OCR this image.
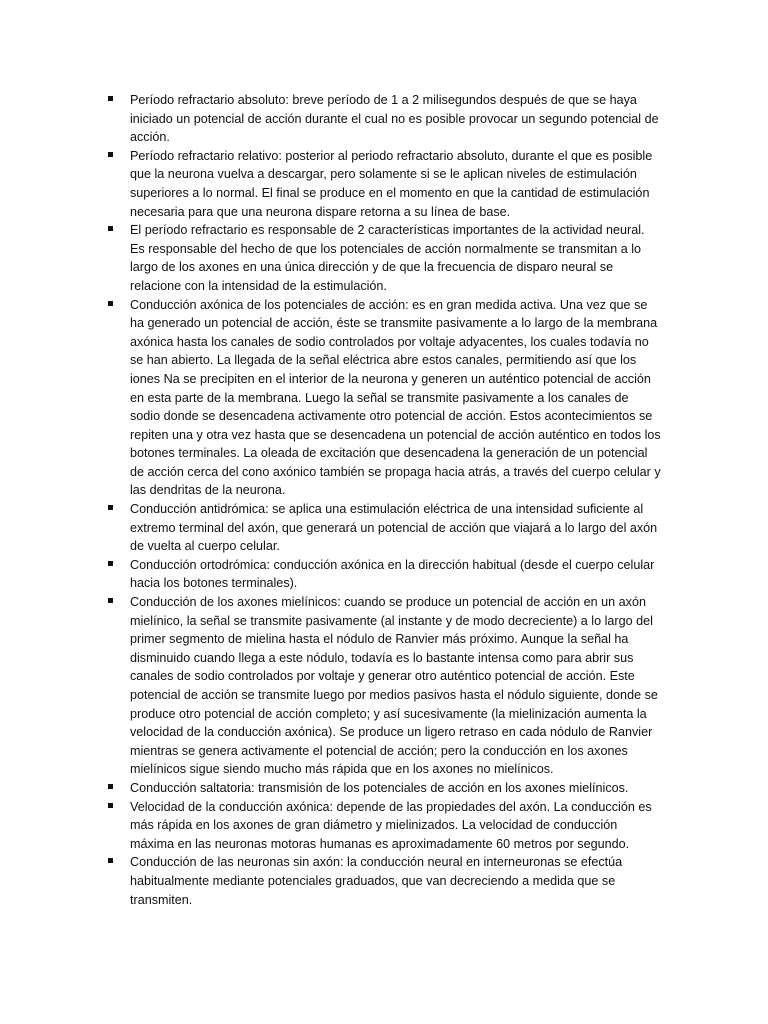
Período refractario absoluto: breve período de 1 a 2 milisegundos después de que se haya iniciado un potencial de acción durante el cual no es posible provocar un segundo potencial de acción.
Período refractario relativo: posterior al periodo refractario absoluto, durante el que es posible que la neurona vuelva a descargar, pero solamente si se le aplican niveles de estimulación superiores a lo normal. El final se produce en el momento en que la cantidad de estimulación necesaria para que una neurona dispare retorna a su línea de base.
El período refractario es responsable de 2 características importantes de la actividad neural. Es responsable del hecho de que los potenciales de acción normalmente se transmitan a lo largo de los axones en una única dirección y de que la frecuencia de disparo neural se relacione con la intensidad de la estimulación.
Conducción axónica de los potenciales de acción: es en gran medida activa. Una vez que se ha generado un potencial de acción, éste se transmite pasivamente a lo largo de la membrana axónica hasta los canales de sodio controlados por voltaje adyacentes, los cuales todavía no se han abierto. La llegada de la señal eléctrica abre estos canales, permitiendo así que los iones Na se precipiten en el interior de la neurona y generen un auténtico potencial de acción en esta parte de la membrana. Luego la señal se transmite pasivamente a los canales de sodio donde se desencadena activamente otro potencial de acción. Estos acontecimientos se repiten una y otra vez hasta que se desencadena un potencial de acción auténtico en todos los botones terminales. La oleada de excitación que desencadena la generación de un potencial de acción cerca del cono axónico también se propaga hacia atrás, a través del cuerpo celular y las dendritas de la neurona.
Conducción antidrómica: se aplica una estimulación eléctrica de una intensidad suficiente al extremo terminal del axón, que generará un potencial de acción que viajará a lo largo del axón de vuelta al cuerpo celular.
Conducción ortodrómica: conducción axónica en la dirección habitual (desde el cuerpo celular hacia los botones terminales).
Conducción de los axones mielínicos: cuando se produce un potencial de acción en un axón mielínico, la señal se transmite pasivamente (al instante y de modo decreciente) a lo largo del primer segmento de mielina hasta el nódulo de Ranvier más próximo. Aunque la señal ha disminuido cuando llega a este nódulo, todavía es lo bastante intensa como para abrir sus canales de sodio controlados por voltaje y generar otro auténtico potencial de acción. Este potencial de acción se transmite luego por medios pasivos hasta el nódulo siguiente, donde se produce otro potencial de acción completo; y así sucesivamente (la mielinización aumenta la velocidad de la conducción axónica). Se produce un ligero retraso en cada nódulo de Ranvier mientras se genera activamente el potencial de acción; pero la conducción en los axones mielínicos sigue siendo mucho más rápida que en los axones no mielínicos.
Conducción saltatoria: transmisión de los potenciales de acción en los axones mielínicos.
Velocidad de la conducción axónica: depende de las propiedades del axón. La conducción es más rápida en los axones de gran diámetro y mielinizados. La velocidad de conducción máxima en las neuronas motoras humanas es aproximadamente 60 metros por segundo.
Conducción de las neuronas sin axón: la conducción neural en interneuronas se efectúa habitualmente mediante potenciales graduados, que van decreciendo a medida que se transmiten.
